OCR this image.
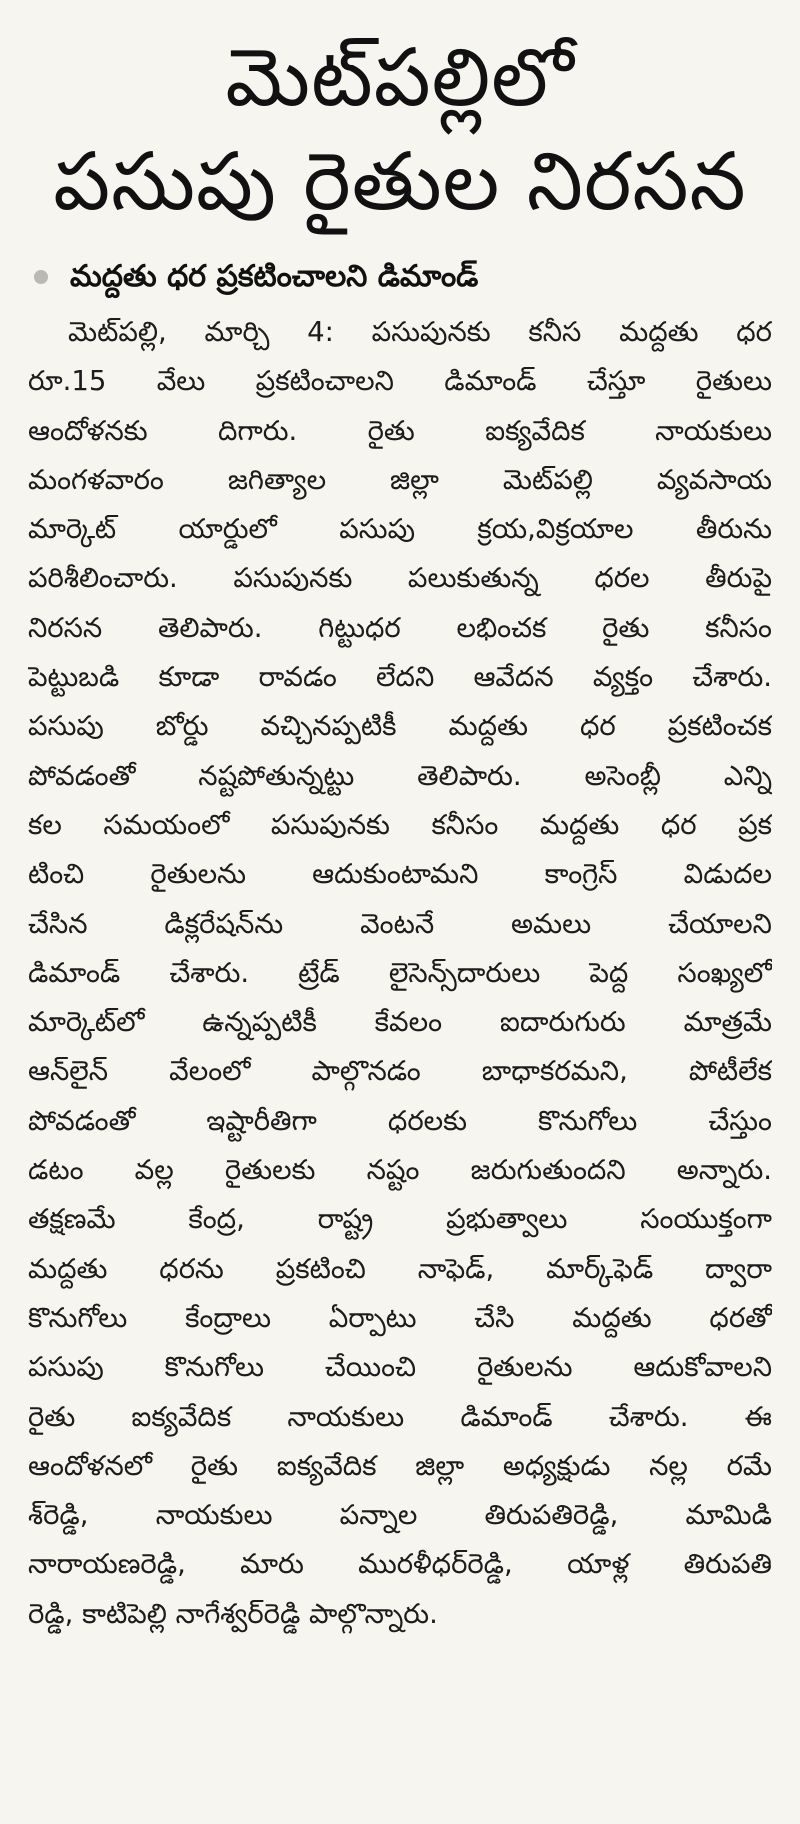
మెట్‌పల్లిలో
పసుపు రైతుల నిరసన
మద్దతు ధర ప్రకటించాలని డిమాండ్

మెట్‌పల్లి, మార్చి 4: పసుపునకు కనీస మద్దతు ధర
రూ.15 వేలు ప్రకటించాలని డిమాండ్ చేస్తూ రైతులు
ఆందోళనకు దిగారు. రైతు ఐక్యవేదిక నాయకులు
మంగళవారం జగిత్యాల జిల్లా మెట్‌పల్లి వ్యవసాయ
మార్కెట్ యార్డులో పసుపు క్రయ,విక్రయాల తీరును
పరిశీలించారు. పసుపునకు పలుకుతున్న ధరల తీరుపై
నిరసన తెలిపారు. గిట్టుధర లభించక రైతు కనీసం
పెట్టుబడి కూడా రావడం లేదని ఆవేదన వ్యక్తం చేశారు.
పసుపు బోర్డు వచ్చినప్పటికీ మద్దతు ధర ప్రకటించక
పోవడంతో నష్టపోతున్నట్టు తెలిపారు. అసెంబ్లీ ఎన్ని
కల సమయంలో పసుపునకు కనీసం మద్దతు ధర ప్రక
టించి రైతులను ఆదుకుంటామని కాంగ్రెస్ విడుదల
చేసిన డిక్లరేషన్‌ను వెంటనే అమలు చేయాలని
డిమాండ్ చేశారు. ట్రేడ్ లైసెన్స్‌దారులు పెద్ద సంఖ్యలో
మార్కెట్‌లో ఉన్నప్పటికీ కేవలం ఐదారుగురు మాత్రమే
ఆన్‌లైన్ వేలంలో పాల్గొనడం బాధాకరమని, పోటీలేక
పోవడంతో ఇష్టారీతిగా ధరలకు కొనుగోలు చేస్తుం
డటం వల్ల రైతులకు నష్టం జరుగుతుందని అన్నారు.
తక్షణమే కేంద్ర, రాష్ట్ర ప్రభుత్వాలు సంయుక్తంగా
మద్దతు ధరను ప్రకటించి నాఫెడ్, మార్క్‌ఫెడ్ ద్వారా
కొనుగోలు కేంద్రాలు ఏర్పాటు చేసి మద్దతు ధరతో
పసుపు కొనుగోలు చేయించి రైతులను ఆదుకోవాలని
రైతు ఐక్యవేదిక నాయకులు డిమాండ్ చేశారు. ఈ
ఆందోళనలో రైతు ఐక్యవేదిక జిల్లా అధ్యక్షుడు నల్ల రమే
శ్‌రెడ్డి, నాయకులు పన్నాల తిరుపతిరెడ్డి, మామిడి
నారాయణరెడ్డి, మారు మురళీధర్‌రెడ్డి, యాళ్ల తిరుపతి
రెడ్డి, కాటిపెల్లి నాగేశ్వర్‌రెడ్డి పాల్గొన్నారు.
